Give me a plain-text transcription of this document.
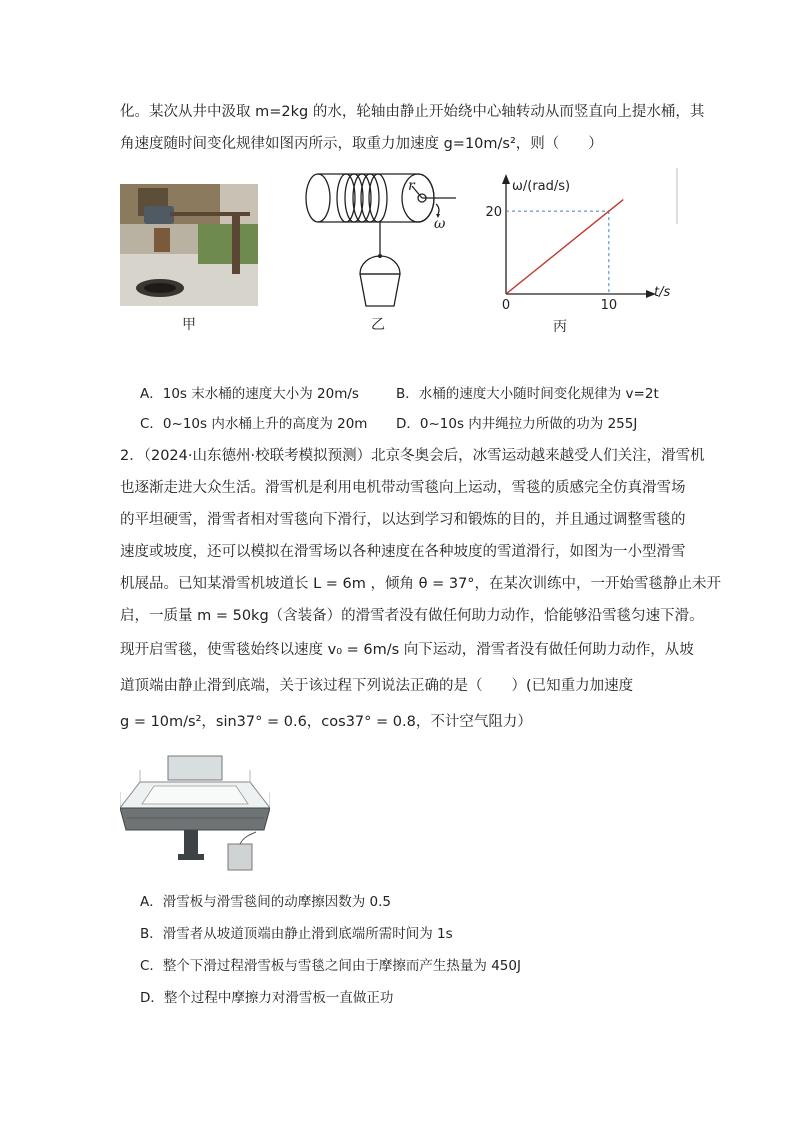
化。某次从井中汲取 m=2kg 的水，轮轴由静止开始绕中心轴转动从而竖直向上提水桶，其
角速度随时间变化规律如图丙所示，取重力加速度 g=10m/s²，则（　　）
甲
r
ω
乙
ω/(rad/s)
t/s
20
0	10
丙
A．10s 末水桶的速度大小为 20m/s	B．水桶的速度大小随时间变化规律为 v=2t
C．0~10s 内水桶上升的高度为 20m D．0~10s 内井绳拉力所做的功为 255J
2．（2024·山东德州·校联考模拟预测）北京冬奥会后，冰雪运动越来越受人们关注，滑雪机
也逐渐走进大众生活。滑雪机是利用电机带动雪毯向上运动，雪毯的质感完全仿真滑雪场
的平坦硬雪，滑雪者相对雪毯向下滑行，以达到学习和锻炼的目的，并且通过调整雪毯的
速度或坡度，还可以模拟在滑雪场以各种速度在各种坡度的雪道滑行，如图为一小型滑雪
机展品。已知某滑雪机坡道长 L = 6m ，倾角 θ = 37°，在某次训练中，一开始雪毯静止未开
启，一质量 m = 50kg（含装备）的滑雪者没有做任何助力动作，恰能够沿雪毯匀速下滑。
现开启雪毯，使雪毯始终以速度 v₀ = 6m/s 向下运动，滑雪者没有做任何助力动作，从坡
道顶端由静止滑到底端，关于该过程下列说法正确的是（　　）(已知重力加速度
g = 10m/s²，sin37° = 0.6，cos37° = 0.8，不计空气阻力）
A．滑雪板与滑雪毯间的动摩擦因数为 0.5
B．滑雪者从坡道顶端由静止滑到底端所需时间为 1s
C．整个下滑过程滑雪板与雪毯之间由于摩擦而产生热量为 450J
D．整个过程中摩擦力对滑雪板一直做正功
